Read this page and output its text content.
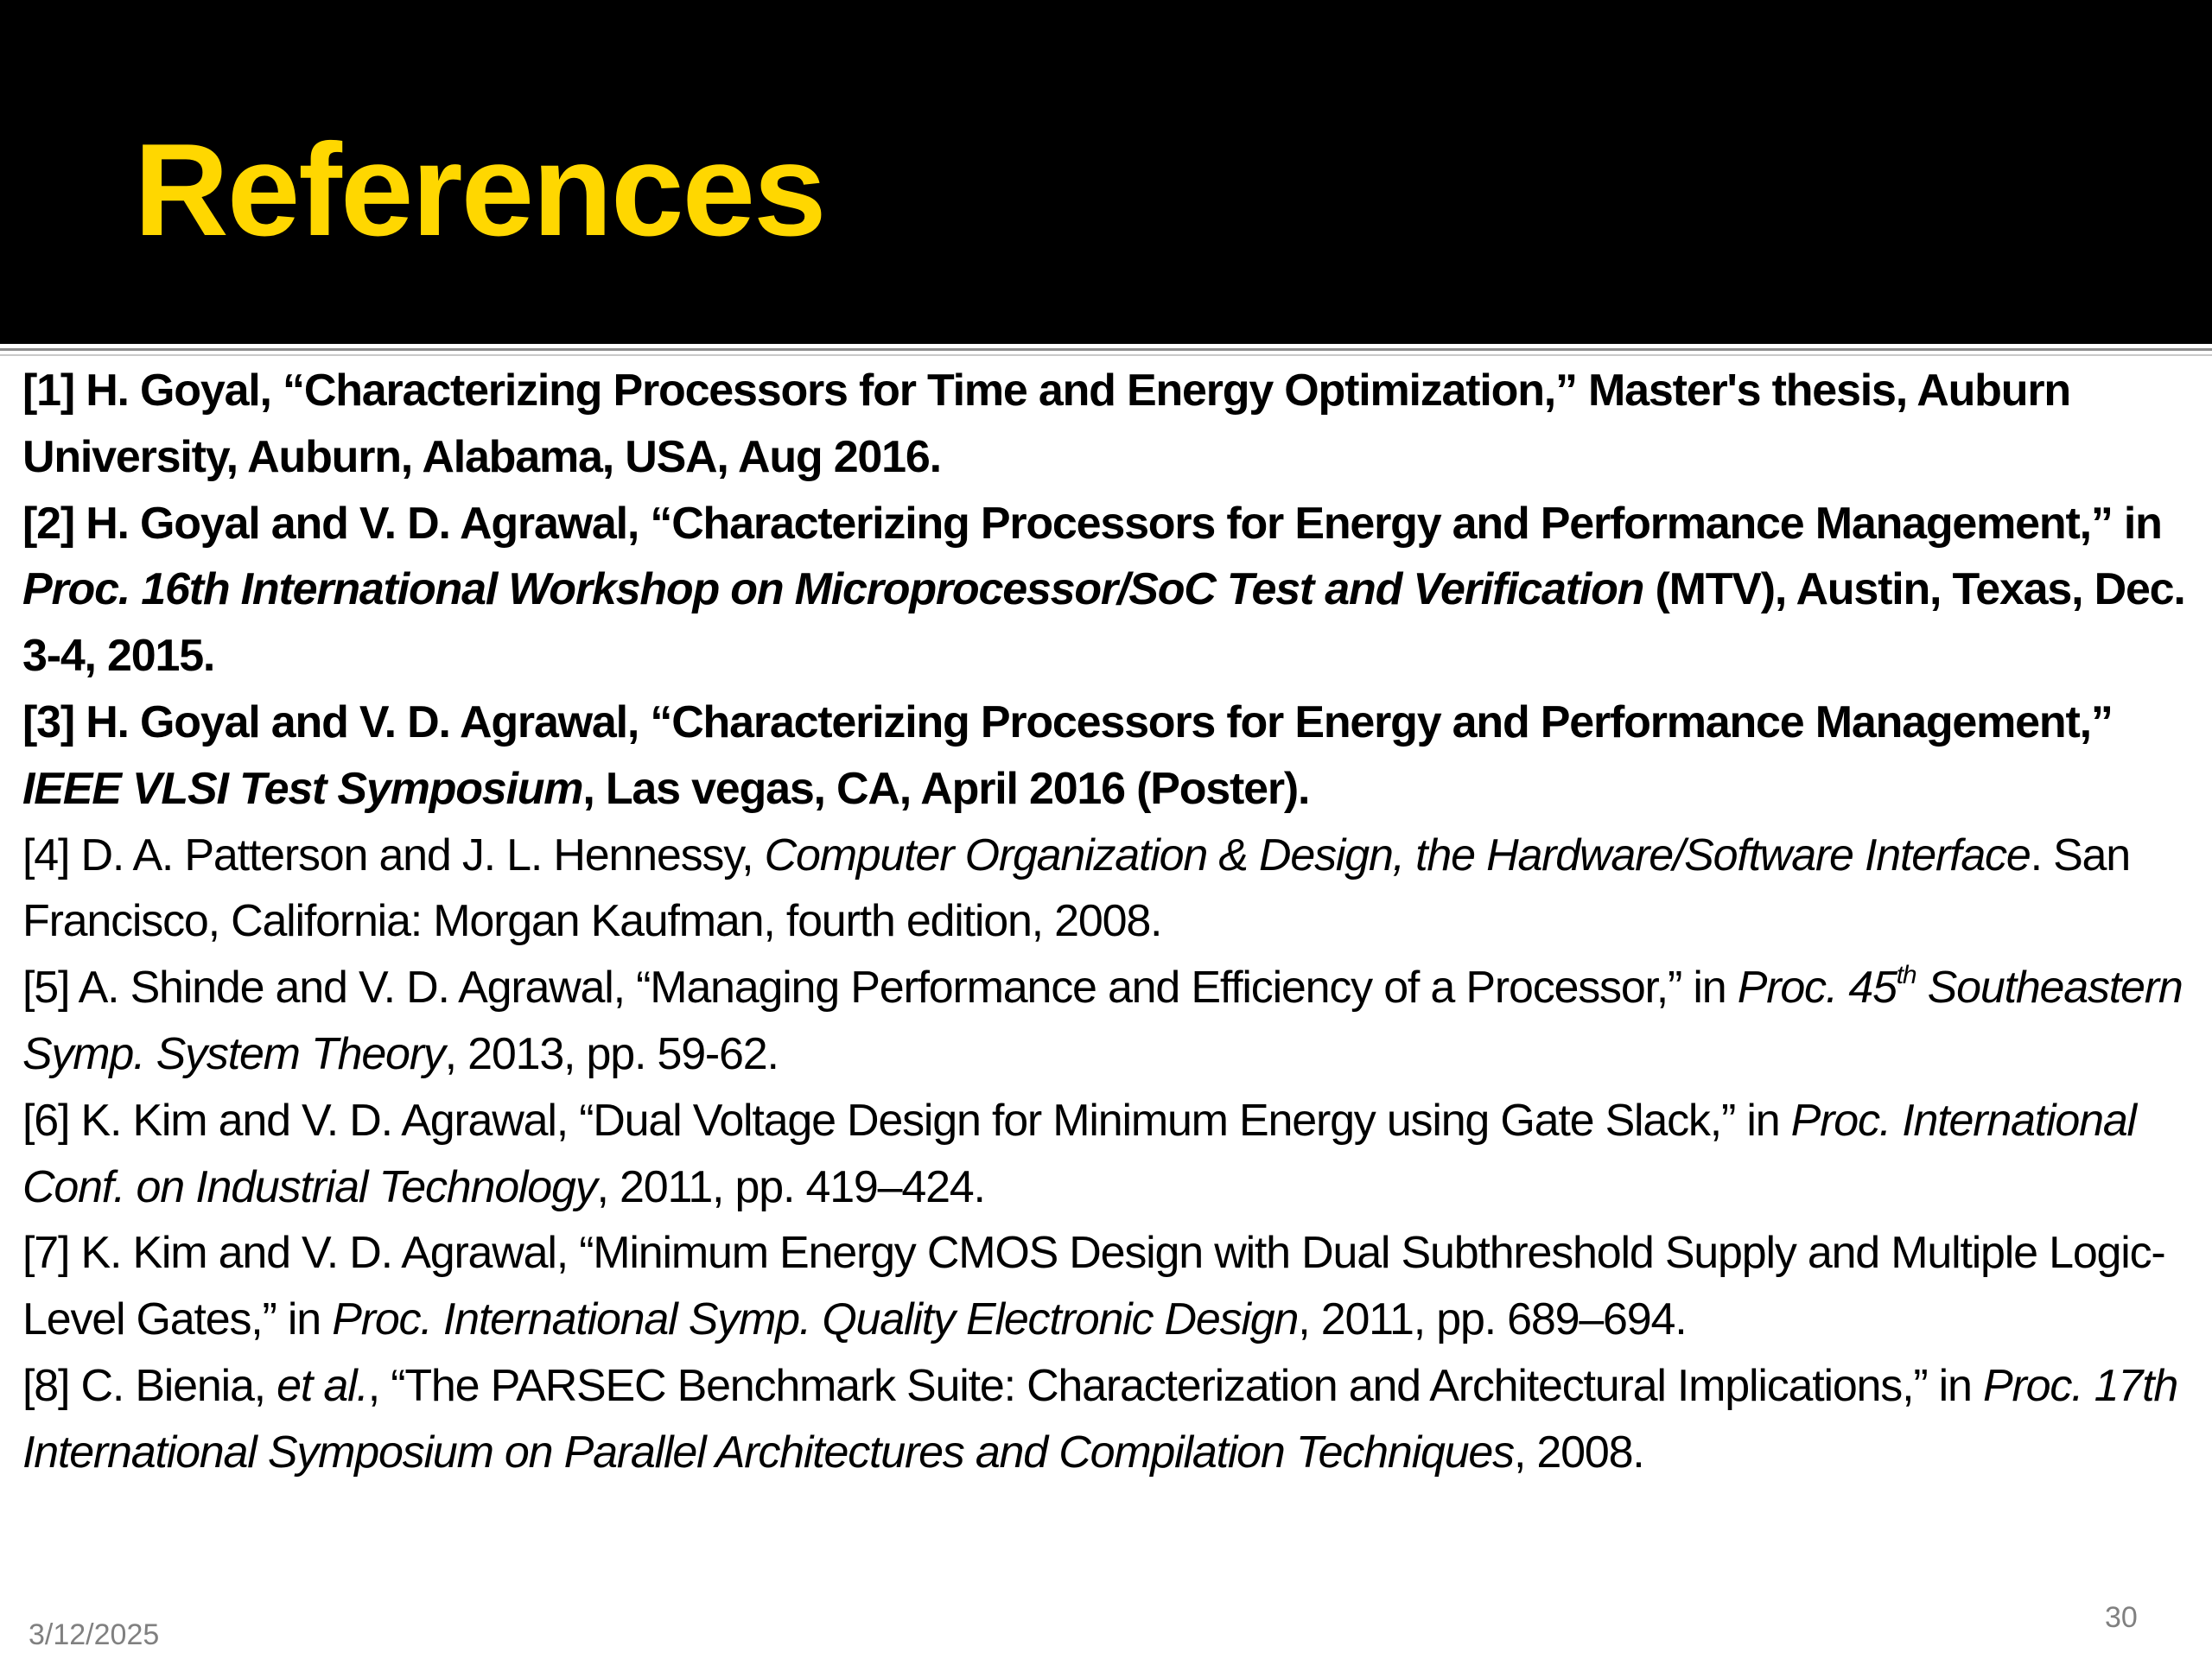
References

[1] H. Goyal, “Characterizing Processors for Time and Energy Optimization,” Master's thesis, Auburn University, Auburn, Alabama, USA, Aug 2016.

[2] H. Goyal and V. D. Agrawal, “Characterizing Processors for Energy and Performance Management,” in Proc. 16th International Workshop on Microprocessor/SoC Test and Verification (MTV), Austin, Texas, Dec. 3-4, 2015.

[3] H. Goyal and V. D. Agrawal, “Characterizing Processors for Energy and Performance Management,” IEEE VLSI Test Symposium, Las vegas, CA, April 2016 (Poster).

[4] D. A. Patterson and J. L. Hennessy, Computer Organization & Design, the Hardware/Software Interface. San Francisco, California: Morgan Kaufman, fourth edition, 2008.

[5] A. Shinde and V. D. Agrawal, “Managing Performance and Efficiency of a Processor,” in Proc. 45th Southeastern Symp. System Theory, 2013, pp. 59-62.

[6] K. Kim and V. D. Agrawal, “Dual Voltage Design for Minimum Energy using Gate Slack,” in Proc. International Conf. on Industrial Technology, 2011, pp. 419–424.

[7] K. Kim and V. D. Agrawal, “Minimum Energy CMOS Design with Dual Subthreshold Supply and Multiple Logic-Level Gates,” in Proc. International Symp. Quality Electronic Design, 2011, pp. 689–694.

[8] C. Bienia, et al., “The PARSEC Benchmark Suite: Characterization and Architectural Implications,” in Proc. 17th International Symposium on Parallel Architectures and Compilation Techniques, 2008.

3/12/2025
30
